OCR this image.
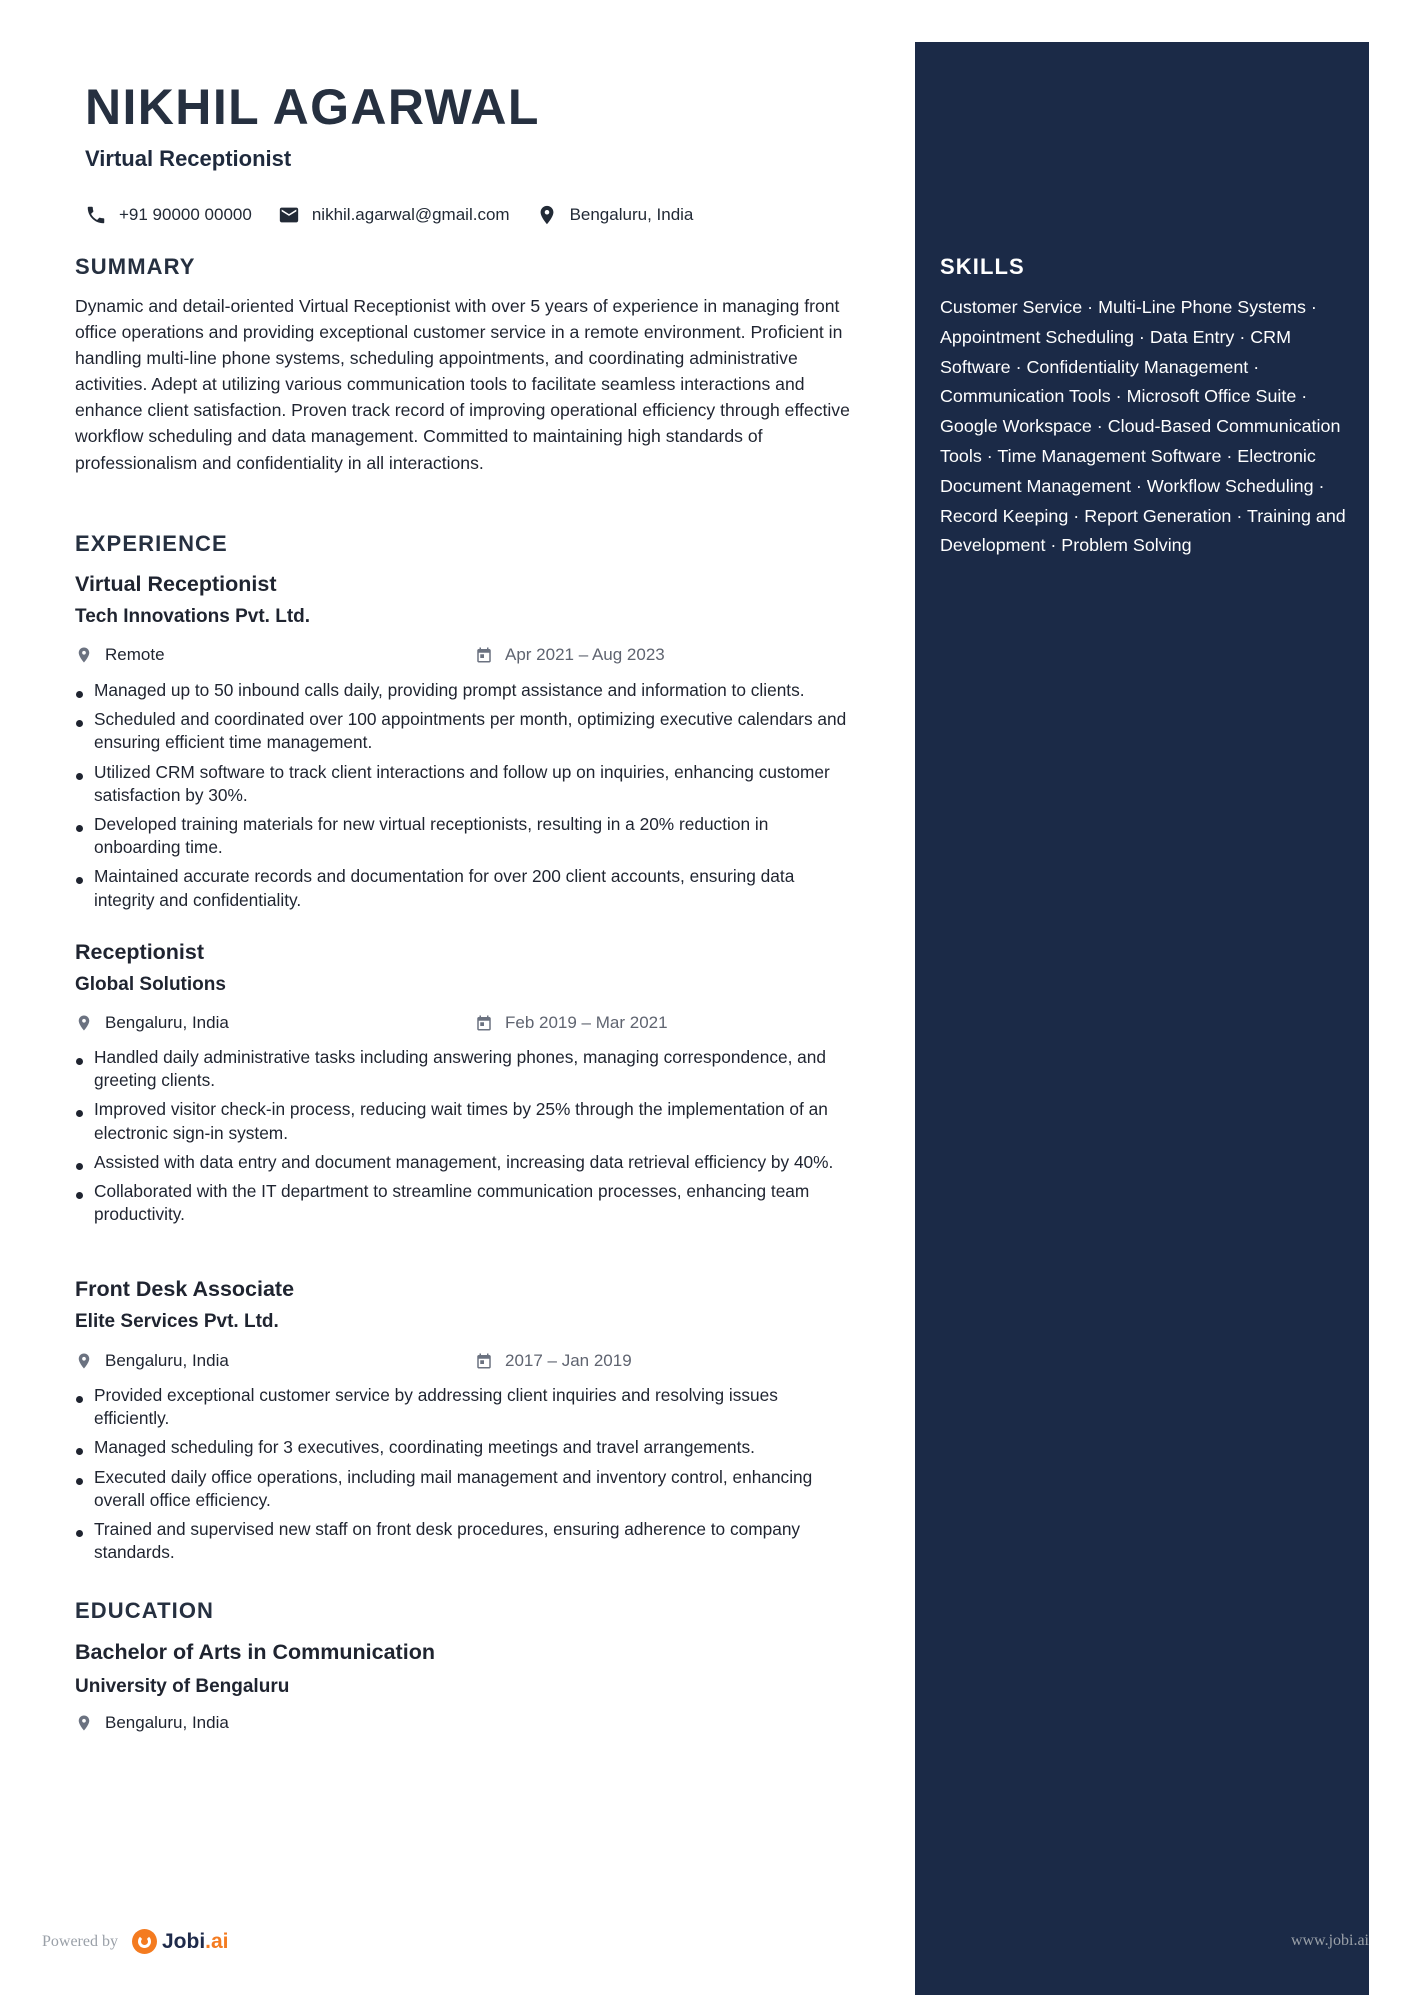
NIKHIL AGARWAL
Virtual Receptionist
+91 90000 00000	nikhil.agarwal@gmail.com	Bengaluru, India
SUMMARY

Dynamic and detail-oriented Virtual Receptionist with over 5 years of experience in managing front office operations and providing exceptional customer service in a remote environment. Proficient in handling multi-line phone systems, scheduling appointments, and coordinating administrative activities. Adept at utilizing various communication tools to facilitate seamless interactions and enhance client satisfaction. Proven track record of improving operational efficiency through effective workflow scheduling and data management. Committed to maintaining high standards of professionalism and confidentiality in all interactions.

EXPERIENCE
Virtual Receptionist
Tech Innovations Pvt. Ltd.
Remote	Apr 2021 – Aug 2023
Managed up to 50 inbound calls daily, providing prompt assistance and information to clients.
Scheduled and coordinated over 100 appointments per month, optimizing executive calendars and ensuring efficient time management.
Utilized CRM software to track client interactions and follow up on inquiries, enhancing customer satisfaction by 30%.
Developed training materials for new virtual receptionists, resulting in a 20% reduction in onboarding time.
Maintained accurate records and documentation for over 200 client accounts, ensuring data integrity and confidentiality.
Receptionist
Global Solutions
Bengaluru, India	Feb 2019 – Mar 2021
Handled daily administrative tasks including answering phones, managing correspondence, and greeting clients.
Improved visitor check-in process, reducing wait times by 25% through the implementation of an electronic sign-in system.
Assisted with data entry and document management, increasing data retrieval efficiency by 40%.
Collaborated with the IT department to streamline communication processes, enhancing team productivity.
Front Desk Associate
Elite Services Pvt. Ltd.
Bengaluru, India	2017 – Jan 2019
Provided exceptional customer service by addressing client inquiries and resolving issues efficiently.
Managed scheduling for 3 executives, coordinating meetings and travel arrangements.
Executed daily office operations, including mail management and inventory control, enhancing overall office efficiency.
Trained and supervised new staff on front desk procedures, ensuring adherence to company standards.
EDUCATION
Bachelor of Arts in Communication
University of Bengaluru
Bengaluru, India
SKILLS

Customer Service · Multi-Line Phone Systems · Appointment Scheduling · Data Entry · CRM Software · Confidentiality Management · Communication Tools · Microsoft Office Suite · Google Workspace · Cloud-Based Communication Tools · Time Management Software · Electronic Document Management · Workflow Scheduling · Record Keeping · Report Generation · Training and Development · Problem Solving

Powered by Jobi .ai	www.jobi.ai
